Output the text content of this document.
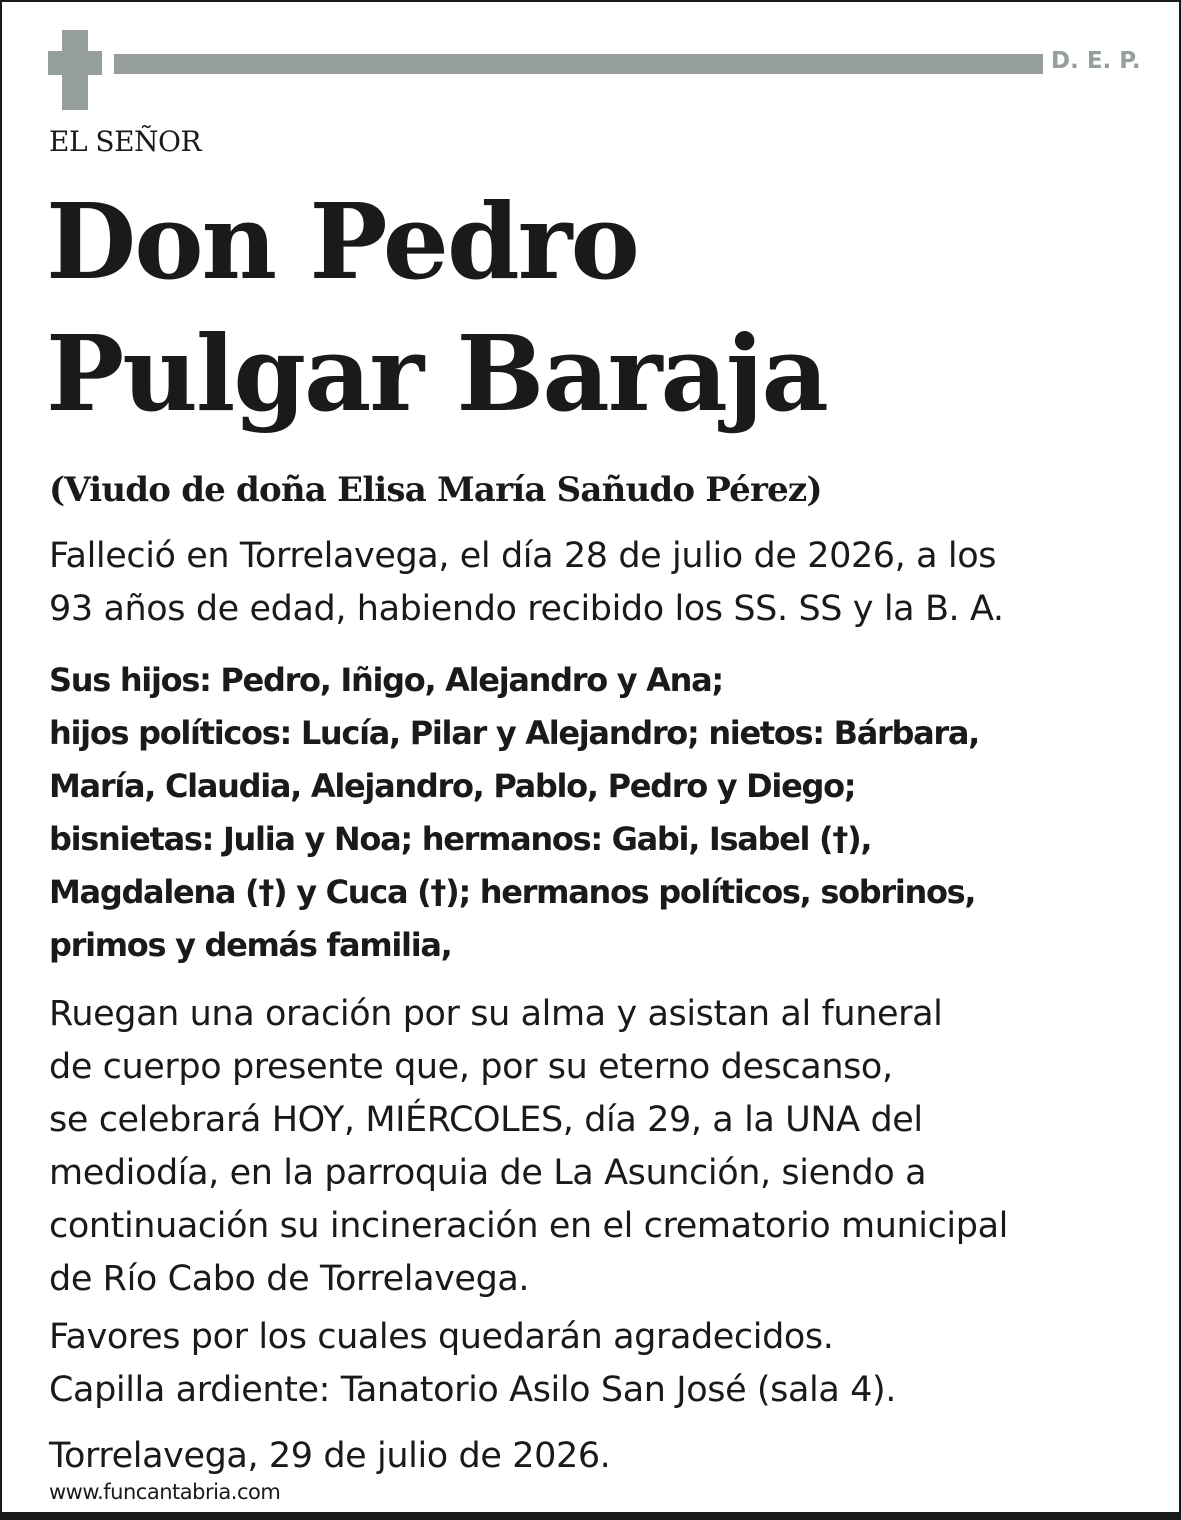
D. E. P.
EL SEÑOR
Don Pedro
Pulgar Baraja
(Viudo de doña Elisa María Sañudo Pérez)
Falleció en Torrelavega, el día 28 de julio de 2026, a los
93 años de edad, habiendo recibido los SS. SS y la B. A.
Sus hijos: Pedro, Iñigo, Alejandro y Ana;
hijos políticos: Lucía, Pilar y Alejandro; nietos: Bárbara,
María, Claudia, Alejandro, Pablo, Pedro y Diego;
bisnietas: Julia y Noa; hermanos: Gabi, Isabel (†),
Magdalena (†) y Cuca (†); hermanos políticos, sobrinos,
primos y demás familia,
Ruegan una oración por su alma y asistan al funeral
de cuerpo presente que, por su eterno descanso,
se celebrará HOY, MIÉRCOLES, día 29, a la UNA del
mediodía, en la parroquia de La Asunción, siendo a
continuación su incineración en el crematorio municipal
de Río Cabo de Torrelavega.
Favores por los cuales quedarán agradecidos.
Capilla ardiente: Tanatorio Asilo San José (sala 4).
Torrelavega, 29 de julio de 2026.
www.funcantabria.com
